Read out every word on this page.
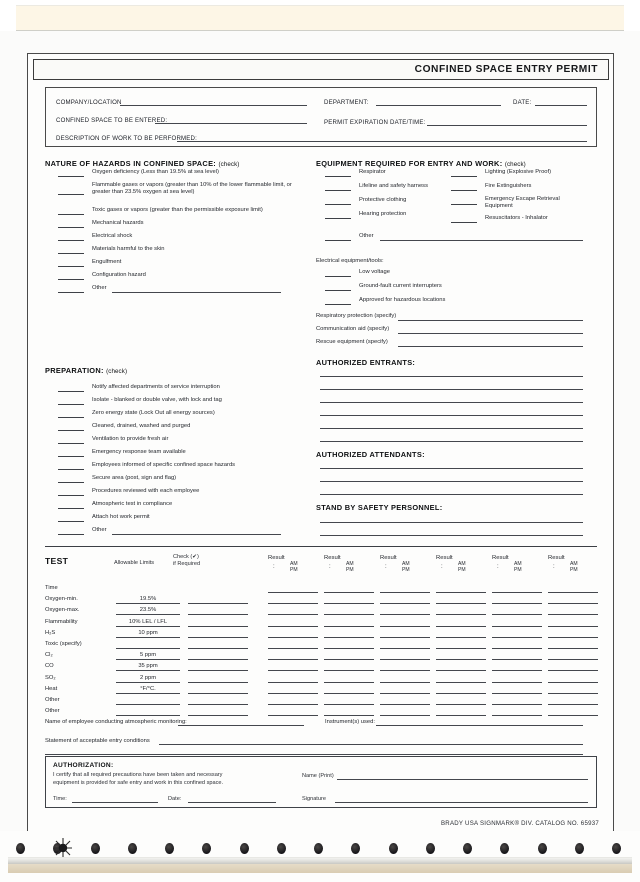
CONFINED SPACE ENTRY PERMIT
COMPANY/LOCATION
CONFINED SPACE TO BE ENTERED:
DESCRIPTION OF WORK TO BE PERFORMED:
DEPARTMENT:	DATE:
PERMIT EXPIRATION DATE/TIME:
NATURE OF HAZARDS IN CONFINED SPACE: (check)
Oxygen deficiency (Less than 19.5% at sea level)
Flammable gases or vapors (greater than 10% of the lower flammable limit, or greater than 23.5% oxygen at sea level)
Toxic gases or vapors (greater than the permissible exposure limit)
Mechanical hazards
Electrical shock
Materials harmful to the skin
Engulfment
Configuration hazard
Other
EQUIPMENT REQUIRED FOR ENTRY AND WORK: (check)
Respirator
Lifeline and safety harness
Protective clothing
Hearing protection
Lighting (Explosive Proof)
Fire Extinguishers
Emergency Escape Retrieval Equipment
Resuscitators - Inhalator
Other
Electrical equipment/tools:
Low voltage
Ground-fault current interrupters
Approved for hazardous locations
Respiratory protection (specify)
Communication aid (specify)
Rescue equipment (specify)
PREPARATION: (check)
Notify affected departments of service interruption
Isolate - blanked or double valve, with lock and tag
Zero energy state (Lock Out all energy sources)
Cleaned, drained, washed and purged
Ventilation to provide fresh air
Emergency response team available
Employees informed of specific confined space hazards
Secure area (post, sign and flag)
Procedures reviewed with each employee
Atmospheric test in compliance
Attach hot work permit
Other
AUTHORIZED ENTRANTS:
AUTHORIZED ATTENDANTS:
STAND BY SAFETY PERSONNEL:
TEST	Allowable Limits
Check (✔)
if Required
Result
:	AM
PM
Result
:	AM
PM
Result
:	AM
PM
Result
:	AM
PM
Result
:	AM
PM
Result
:	AM
PM
Time
Oxygen-min.	19.5%
Oxygen-max.	23.5%
Flammability	10% LEL / LFL
H₂S	10 ppm
Toxic (specify)
Cl₂	5 ppm
CO	35 ppm
SO₂	2 ppm
Heat	°F/°C.
Other
Other
Name of employee conducting atmospheric monitoring:	Instrument(s) used:
Statement of acceptable entry conditions
AUTHORIZATION:
I certify that all required precautions have been taken and necessary
equipment is provided for safe entry and work in this confined space.
Time:	Date:
Name (Print)
Signature
BRADY USA SIGNMARK® DIV. CATALOG NO. 65937
